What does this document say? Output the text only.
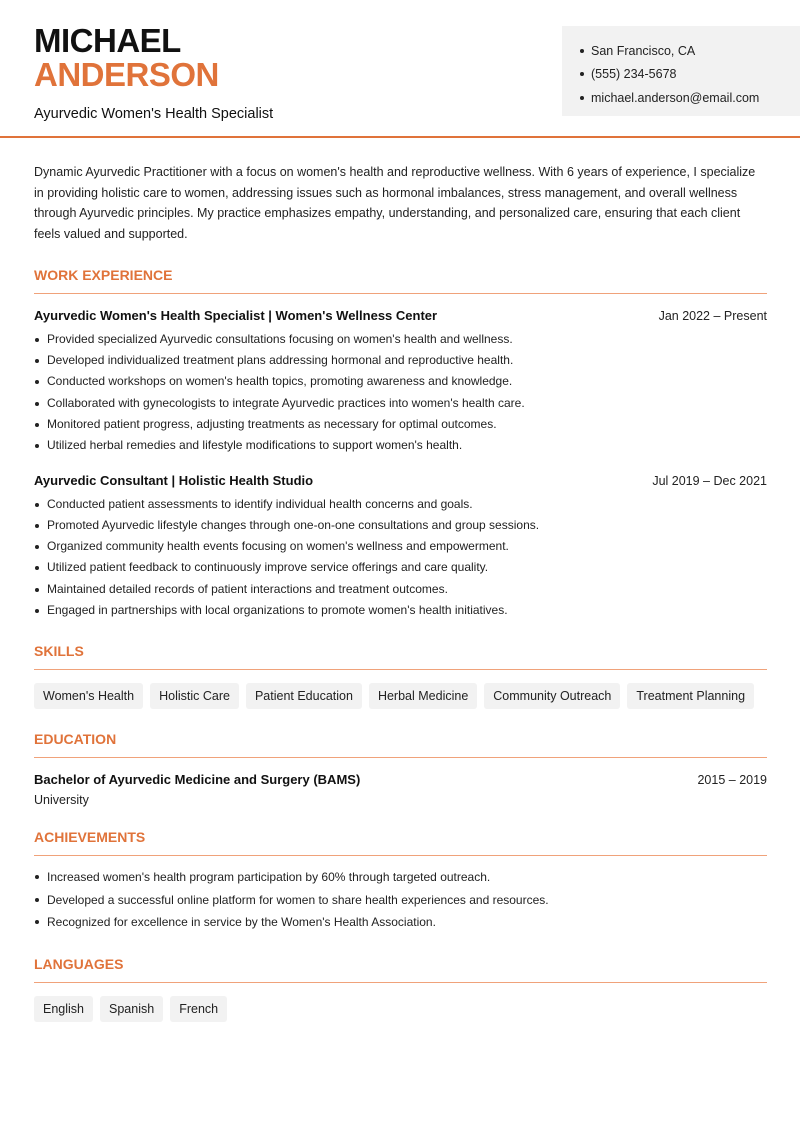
MICHAEL
ANDERSON
Ayurvedic Women's Health Specialist
San Francisco, CA
(555) 234-5678
michael.anderson@email.com

Dynamic Ayurvedic Practitioner with a focus on women's health and reproductive wellness. With 6 years of experience, I specialize in providing holistic care to women, addressing issues such as hormonal imbalances, stress management, and overall wellness through Ayurvedic principles. My practice emphasizes empathy, understanding, and personalized care, ensuring that each client feels valued and supported.

WORK EXPERIENCE
Ayurvedic Women's Health Specialist | Women's Wellness Center	Jan 2022 – Present
Provided specialized Ayurvedic consultations focusing on women's health and wellness.
Developed individualized treatment plans addressing hormonal and reproductive health.
Conducted workshops on women's health topics, promoting awareness and knowledge.
Collaborated with gynecologists to integrate Ayurvedic practices into women's health care.
Monitored patient progress, adjusting treatments as necessary for optimal outcomes.
Utilized herbal remedies and lifestyle modifications to support women's health.
Ayurvedic Consultant | Holistic Health Studio	Jul 2019 – Dec 2021
Conducted patient assessments to identify individual health concerns and goals.
Promoted Ayurvedic lifestyle changes through one-on-one consultations and group sessions.
Organized community health events focusing on women's wellness and empowerment.
Utilized patient feedback to continuously improve service offerings and care quality.
Maintained detailed records of patient interactions and treatment outcomes.
Engaged in partnerships with local organizations to promote women's health initiatives.
SKILLS
Women's Health	Holistic Care	Patient Education	Herbal Medicine	Community Outreach	Treatment Planning
EDUCATION
Bachelor of Ayurvedic Medicine and Surgery (BAMS)	2015 – 2019
University
ACHIEVEMENTS
Increased women's health program participation by 60% through targeted outreach.
Developed a successful online platform for women to share health experiences and resources.
Recognized for excellence in service by the Women's Health Association.
LANGUAGES
English	Spanish	French
